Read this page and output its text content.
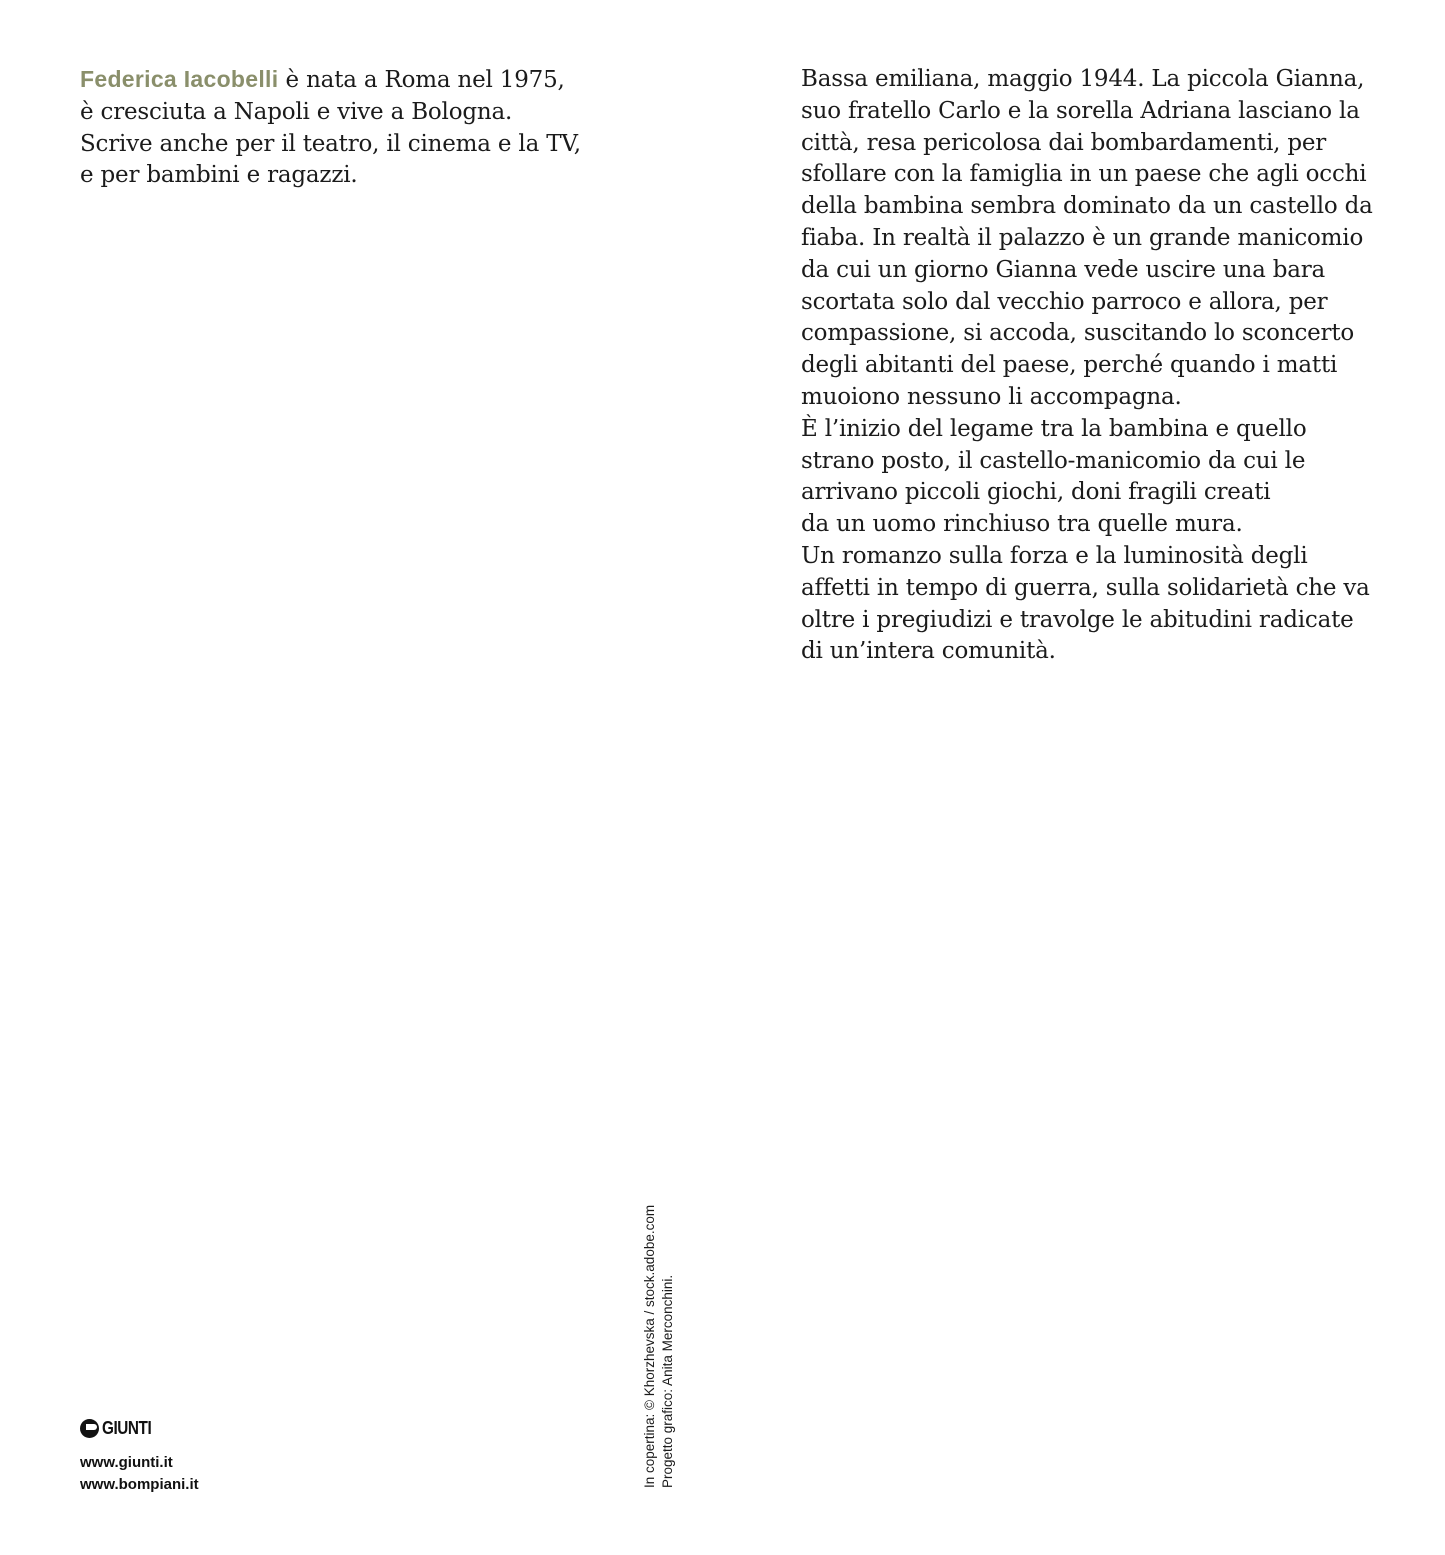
Federica Iacobelli è nata a Roma nel 1975,
è cresciuta a Napoli e vive a Bologna.
Scrive anche per il teatro, il cinema e la TV,
e per bambini e ragazzi.
Bassa emiliana, maggio 1944. La piccola Gianna,
suo fratello Carlo e la sorella Adriana lasciano la
città, resa pericolosa dai bombardamenti, per
sfollare con la famiglia in un paese che agli occhi
della bambina sembra dominato da un castello da
fiaba. In realtà il palazzo è un grande manicomio
da cui un giorno Gianna vede uscire una bara
scortata solo dal vecchio parroco e allora, per
compassione, si accoda, suscitando lo sconcerto
degli abitanti del paese, perché quando i matti
muoiono nessuno li accompagna.
È l’inizio del legame tra la bambina e quello
strano posto, il castello-manicomio da cui le
arrivano piccoli giochi, doni fragili creati
da un uomo rinchiuso tra quelle mura.
Un romanzo sulla forza e la luminosità degli
affetti in tempo di guerra, sulla solidarietà che va
oltre i pregiudizi e travolge le abitudini radicate
di un’intera comunità.
In copertina: © Khorzhevska / stock.adobe.com Progetto grafico: Anita Merconchini.
GIUNTI
www.giunti.it
www.bompiani.it
